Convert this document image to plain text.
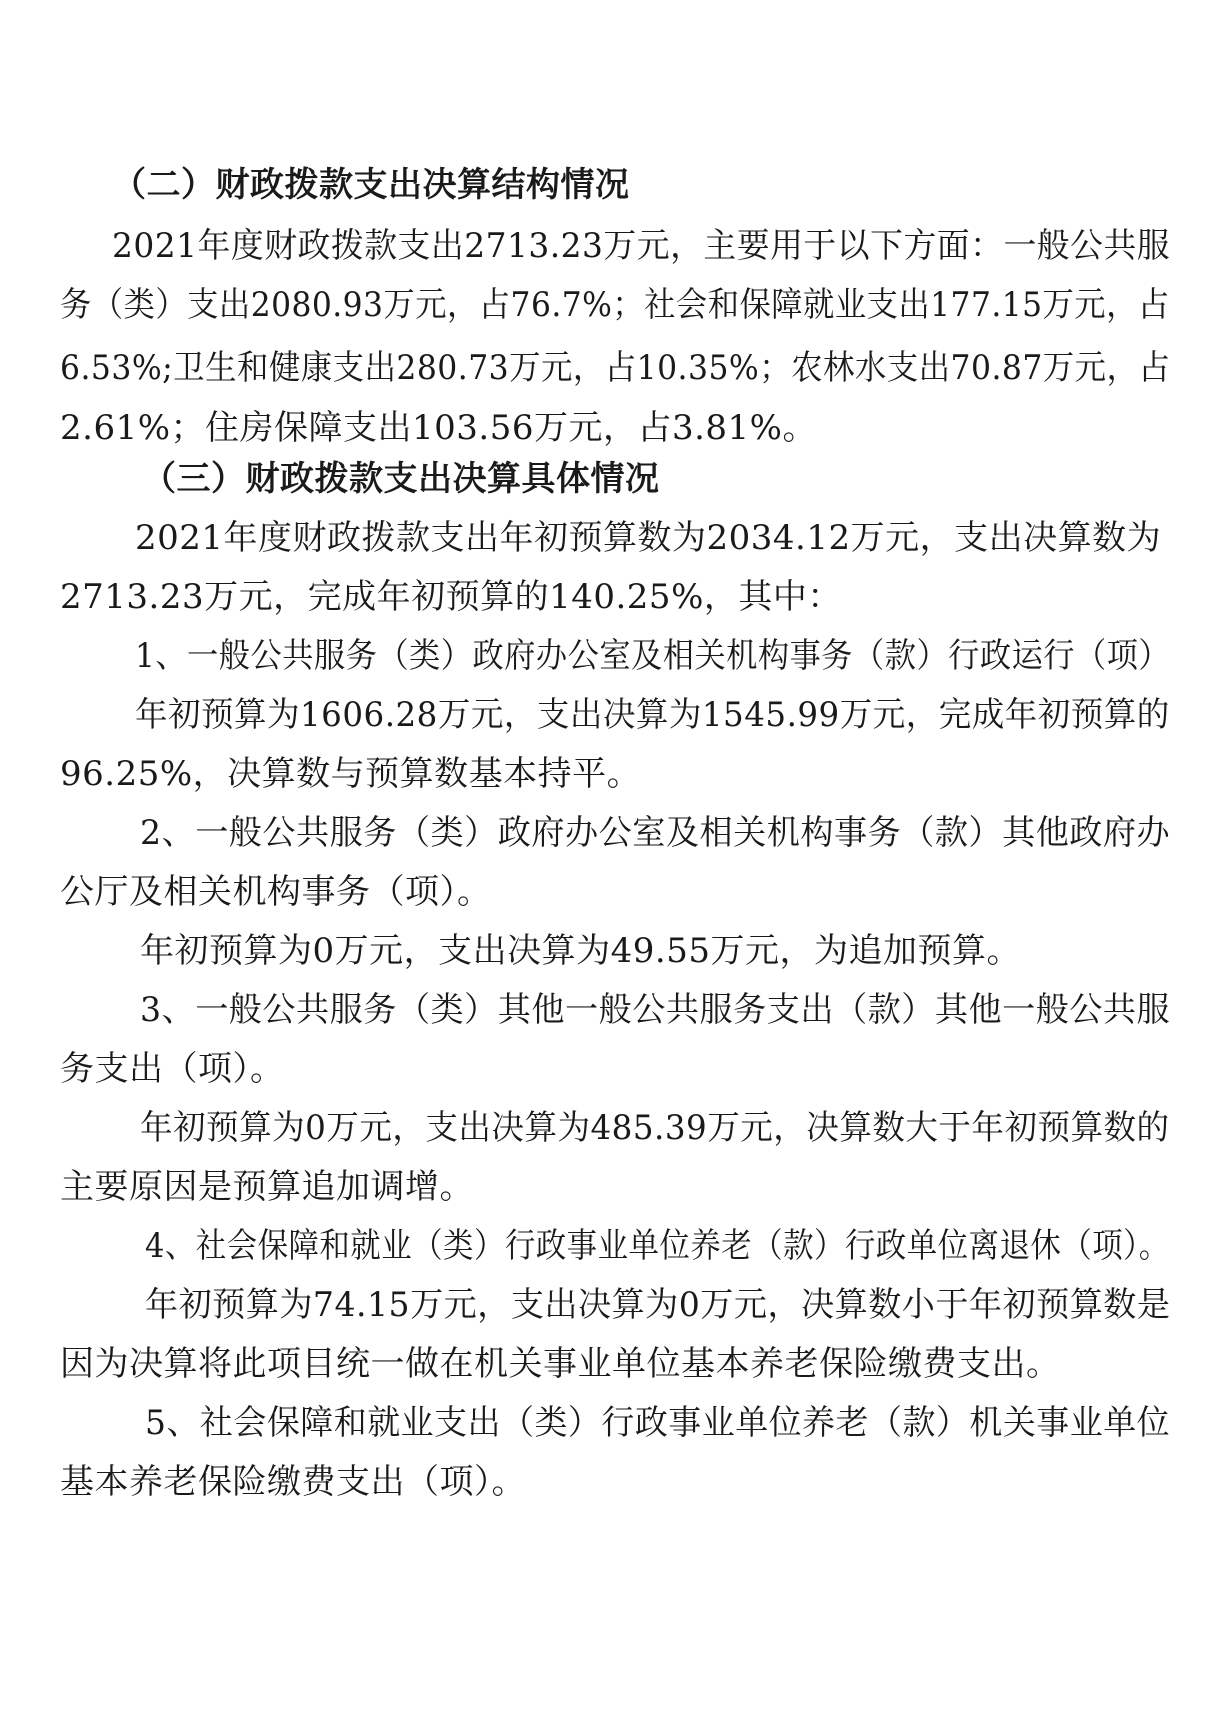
（二）财政拨款支出决算结构情况
2021年度财政拨款支出2713.23万元，主要用于以下方面：一般公共服
务（类）支出2080.93万元，占76.7%；社会和保障就业支出177.15万元，占
6.53%;卫生和健康支出280.73万元，占10.35%；农林水支出70.87万元，占
2.61%；住房保障支出103.56万元，占3.81%。
（三）财政拨款支出决算具体情况
2021年度财政拨款支出年初预算数为2034.12万元，支出决算数为
2713.23万元，完成年初预算的140.25%，其中：
1、一般公共服务（类）政府办公室及相关机构事务（款）行政运行（项）
年初预算为1606.28万元，支出决算为1545.99万元，完成年初预算的
96.25%，决算数与预算数基本持平。
2、一般公共服务（类）政府办公室及相关机构事务（款）其他政府办
公厅及相关机构事务（项）。
年初预算为0万元，支出决算为49.55万元，为追加预算。
3、一般公共服务（类）其他一般公共服务支出（款）其他一般公共服
务支出（项）。
年初预算为0万元，支出决算为485.39万元，决算数大于年初预算数的
主要原因是预算追加调增。
4、社会保障和就业（类）行政事业单位养老（款）行政单位离退休（项）。
年初预算为74.15万元，支出决算为0万元，决算数小于年初预算数是
因为决算将此项目统一做在机关事业单位基本养老保险缴费支出。
5、社会保障和就业支出（类）行政事业单位养老（款）机关事业单位
基本养老保险缴费支出（项）。
